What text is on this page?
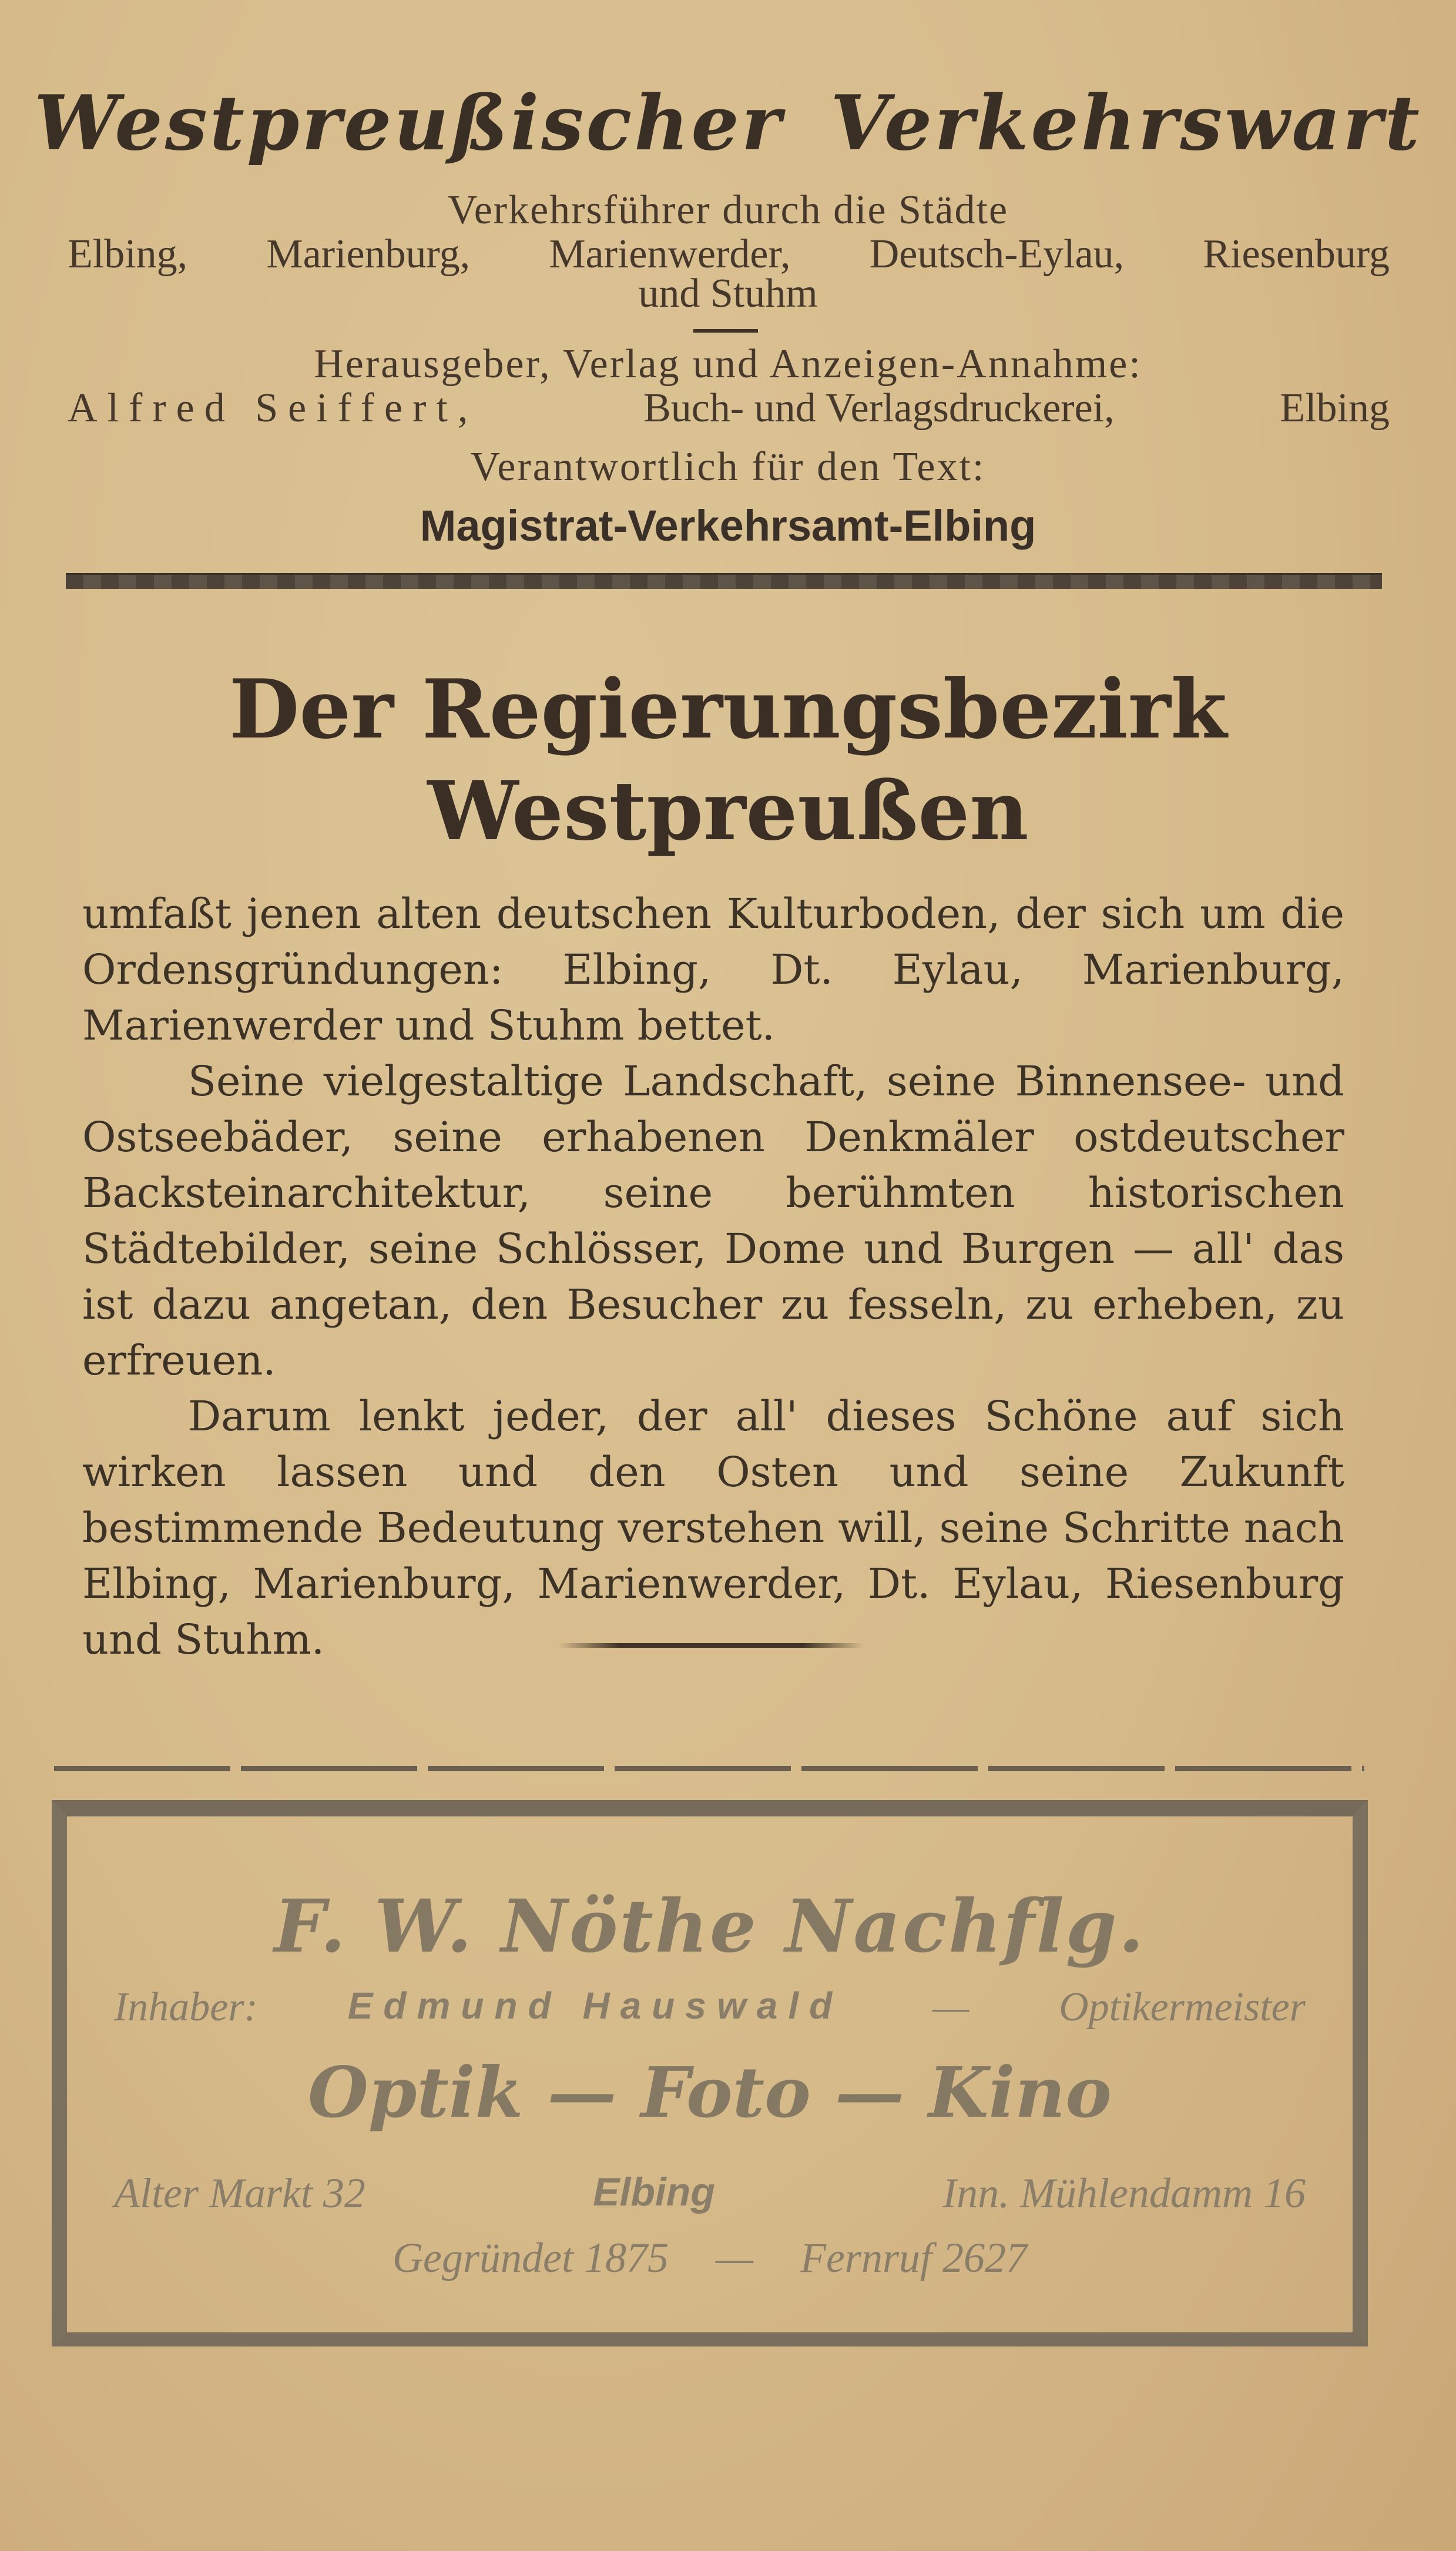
Westpreußischer Verkehrswart
Verkehrsführer durch die Städte
Elbing, Marienburg, Marienwerder, Deutsch-Eylau, Riesenburg
und Stuhm
Herausgeber, Verlag und Anzeigen-Annahme:
Alfred Seiffert,	Buch- und Verlagsdruckerei,	Elbing
Verantwortlich für den Text:
Magistrat-Verkehrsamt-Elbing
Der Regierungsbezirk
Westpreußen

umfaßt jenen alten deutschen Kulturboden, der sich um die Ordensgründungen: Elbing, Dt. Eylau, Marienburg, Marienwerder und Stuhm bettet.

Seine vielgestaltige Landschaft, seine Binnensee- und Ostseebäder, seine erhabenen Denkmäler ostdeutscher Backsteinarchitektur, seine berühmten historischen Städtebilder, seine Schlösser, Dome und Burgen — all' das ist dazu angetan, den Besucher zu fesseln, zu erheben, zu erfreuen.

Darum lenkt jeder, der all' dieses Schöne auf sich wirken lassen und den Osten und seine Zukunft bestimmende Bedeutung verstehen will, seine Schritte nach Elbing, Marienburg, Marienwerder, Dt. Eylau, Riesenburg und Stuhm.

F. W. Nöthe Nachflg.
Inhaber: Edmund Hauswald — Optikermeister
Optik — Foto — Kino
Alter Markt 32	Elbing	Inn. Mühlendamm 16
Gegründet 1875 — Fernruf 2627
